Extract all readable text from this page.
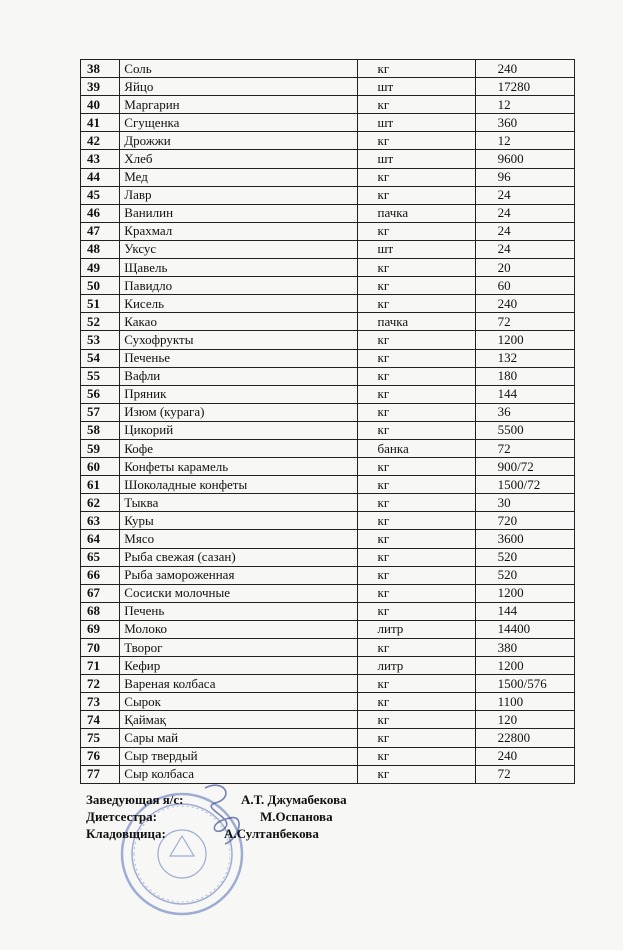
38	Соль	кг	240
39	Яйцо	шт	17280
40	Маргарин	кг	12
41	Сгущенка	шт	360
42	Дрожжи	кг	12
43	Хлеб	шт	9600
44	Мед	кг	96
45	Лавр	кг	24
46	Ванилин	пачка	24
47	Крахмал	кг	24
48	Уксус	шт	24
49	Щавель	кг	20
50	Павидло	кг	60
51	Кисель	кг	240
52	Какао	пачка	72
53	Сухофрукты	кг	1200
54	Печенье	кг	132
55	Вафли	кг	180
56	Пряник	кг	144
57	Изюм (курага)	кг	36
58	Цикорий	кг	5500
59	Кофе	банка	72
60	Конфеты карамель	кг	900/72
61	Шоколадные конфеты	кг	1500/72
62	Тыква	кг	30
63	Куры	кг	720
64	Мясо	кг	3600
65	Рыба свежая (сазан)	кг	520
66	Рыба замороженная	кг	520
67	Сосиски молочные	кг	1200
68	Печень	кг	144
69	Молоко	литр	14400
70	Творог	кг	380
71	Кефир	литр	1200
72	Вареная колбаса	кг	1500/576
73	Сырок	кг	1100
74	Қаймақ	кг	120
75	Сары май	кг	22800
76	Сыр твердый	кг	240
77	Сыр колбаса	кг	72
Заведующая я/с:	А.Т. Джумабекова
Диетсестра:	М.Оспанова
Кладовщица:	А.Султанбекова
